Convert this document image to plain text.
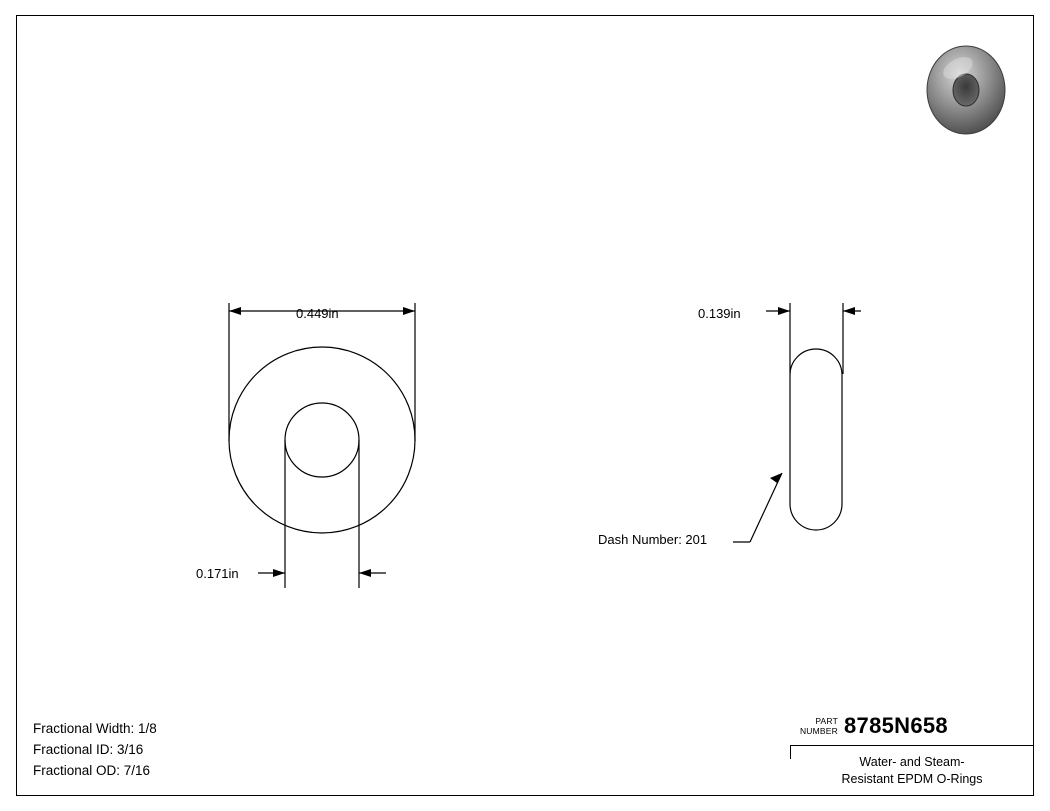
0.449in
0.171in
0.139in
Dash Number: 201
Fractional Width: 1/8
Fractional ID: 3/16
Fractional OD: 7/16
PART
NUMBER 8785N658
Water- and Steam-
Resistant EPDM O-Rings
